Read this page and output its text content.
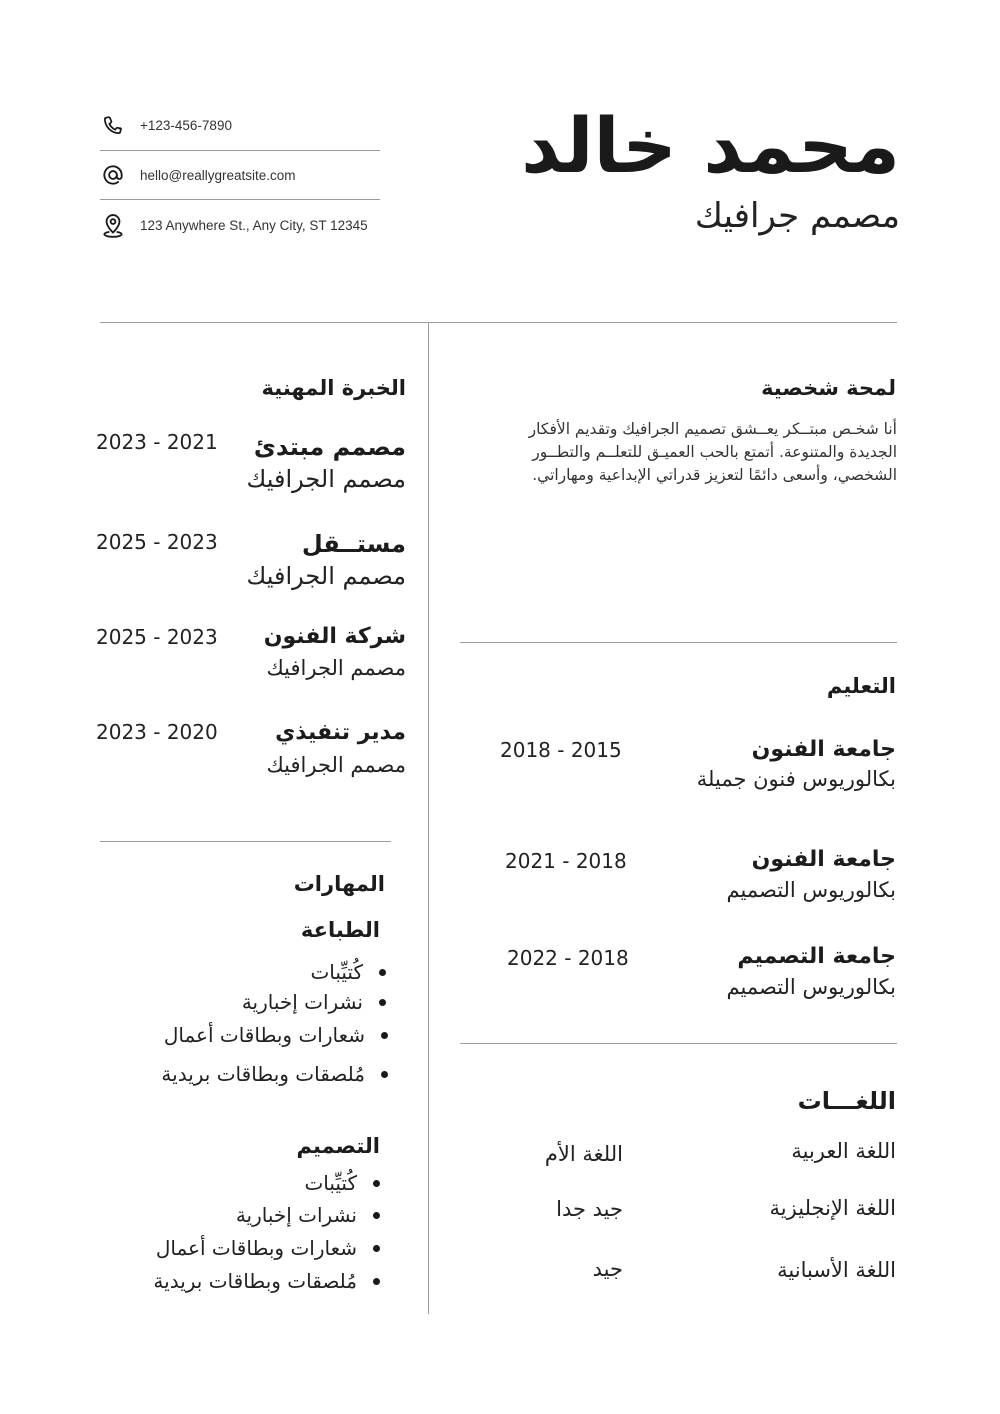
محمد خالد
مصمم جرافيك
+123-456-7890
hello@reallygreatsite.com
123 Anywhere St., Any City, ST 12345
لمحة شخصية
أنا شخـص مبتــكر يعــشق تصميم الجرافيك وتقديم الأفكار
الجديدة والمتنوعة. أتمتع بالحب العميـق للتعلــم والتطــور
الشخصي، وأسعى دائمًا لتعزيز قدراتي الإبداعية ومهاراتي.
التعليم
جامعة الفنون
بكالوريوس فنون جميلة
2018 - 2015
جامعة الفنون
بكالوريوس التصميم
2021 - 2018
جامعة التصميم
بكالوريوس التصميم
2022 - 2018
اللغـــات
اللغة العربية
اللغة الأم
اللغة الإنجليزية
جيد جدا
اللغة الأسبانية
جيد
الخبرة المهنية
مصمم مبتدئ
مصمم الجرافيك
2023 - 2021
مستــقل
مصمم الجرافيك
2025 - 2023
شركة الفنون
مصمم الجرافيك
2025 - 2023
مدير تنفيذي
مصمم الجرافيك
2023 - 2020
المهارات
الطباعة
كُتيِّبات
نشرات إخبارية
شعارات وبطاقات أعمال
مُلصقات وبطاقات بريدية
التصميم
كُتيِّبات
نشرات إخبارية
شعارات وبطاقات أعمال
مُلصقات وبطاقات بريدية
